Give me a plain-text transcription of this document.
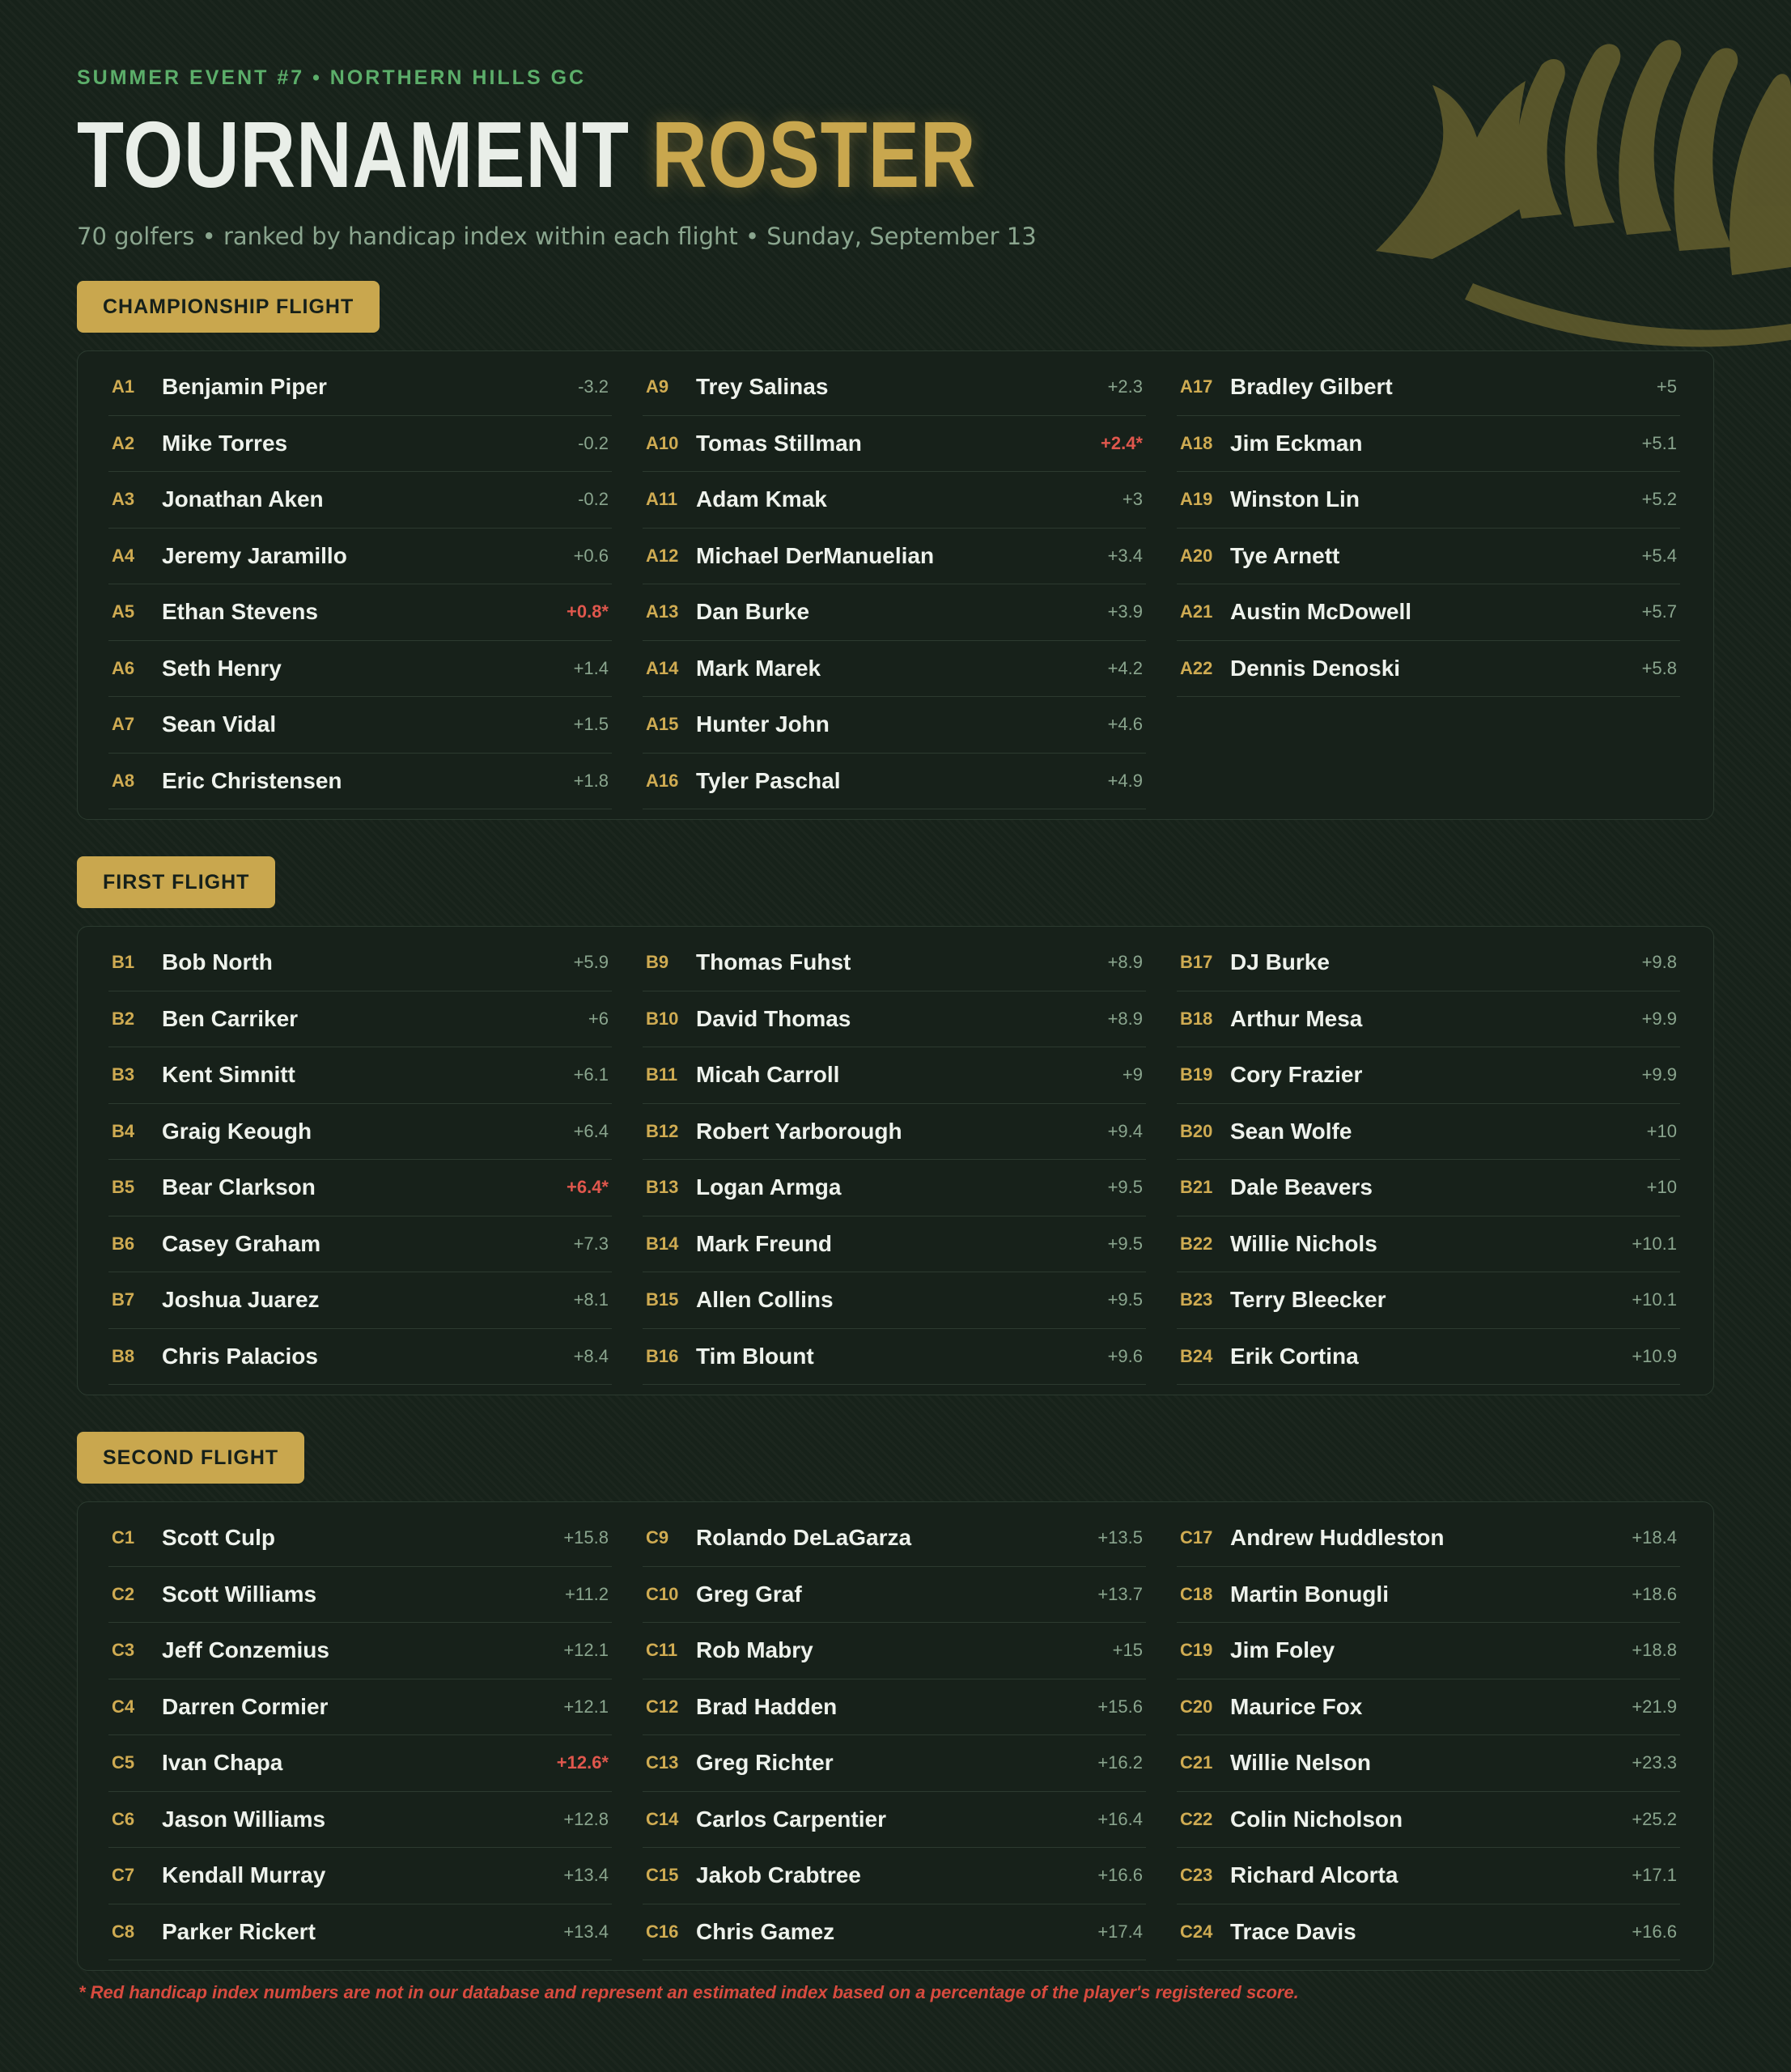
SUMMER EVENT #7 • NORTHERN HILLS GC
TOURNAMENT ROSTER
70 golfers • ranked by handicap index within each flight • Sunday, September 13
CHAMPIONSHIP FLIGHT
A1	Benjamin Piper	-3.2
A2	Mike Torres	-0.2
A3	Jonathan Aken	-0.2
A4	Jeremy Jaramillo	+0.6
A5	Ethan Stevens	+0.8*
A6	Seth Henry	+1.4
A7	Sean Vidal	+1.5
A8	Eric Christensen	+1.8
A9	Trey Salinas	+2.3
A10 Tomas Stillman	+2.4*
A11 Adam Kmak	+3
A12 Michael DerManuelian	+3.4
A13 Dan Burke	+3.9
A14 Mark Marek	+4.2
A15 Hunter John	+4.6
A16 Tyler Paschal	+4.9
A17 Bradley Gilbert	+5
A18 Jim Eckman	+5.1
A19 Winston Lin	+5.2
A20 Tye Arnett	+5.4
A21 Austin McDowell	+5.7
A22 Dennis Denoski	+5.8
FIRST FLIGHT
B1	Bob North	+5.9
B2	Ben Carriker	+6
B3	Kent Simnitt	+6.1
B4	Graig Keough	+6.4
B5	Bear Clarkson	+6.4*
B6	Casey Graham	+7.3
B7	Joshua Juarez	+8.1
B8	Chris Palacios	+8.4
B9	Thomas Fuhst	+8.9
B10 David Thomas	+8.9
B11 Micah Carroll	+9
B12 Robert Yarborough	+9.4
B13 Logan Armga	+9.5
B14 Mark Freund	+9.5
B15 Allen Collins	+9.5
B16 Tim Blount	+9.6
B17 DJ Burke	+9.8
B18 Arthur Mesa	+9.9
B19 Cory Frazier	+9.9
B20 Sean Wolfe	+10
B21 Dale Beavers	+10
B22 Willie Nichols	+10.1
B23 Terry Bleecker	+10.1
B24 Erik Cortina	+10.9
SECOND FLIGHT
C1	Scott Culp	+15.8
C2	Scott Williams	+11.2
C3	Jeff Conzemius	+12.1
C4	Darren Cormier	+12.1
C5	Ivan Chapa	+12.6*
C6	Jason Williams	+12.8
C7	Kendall Murray	+13.4
C8	Parker Rickert	+13.4
C9	Rolando DeLaGarza	+13.5
C10 Greg Graf	+13.7
C11 Rob Mabry	+15
C12 Brad Hadden	+15.6
C13 Greg Richter	+16.2
C14 Carlos Carpentier	+16.4
C15 Jakob Crabtree	+16.6
C16 Chris Gamez	+17.4
C17 Andrew Huddleston	+18.4
C18 Martin Bonugli	+18.6
C19 Jim Foley	+18.8
C20 Maurice Fox	+21.9
C21 Willie Nelson	+23.3
C22 Colin Nicholson	+25.2
C23 Richard Alcorta	+17.1
C24 Trace Davis	+16.6
* Red handicap index numbers are not in our database and represent an estimated index based on a percentage of the player's registered score.
